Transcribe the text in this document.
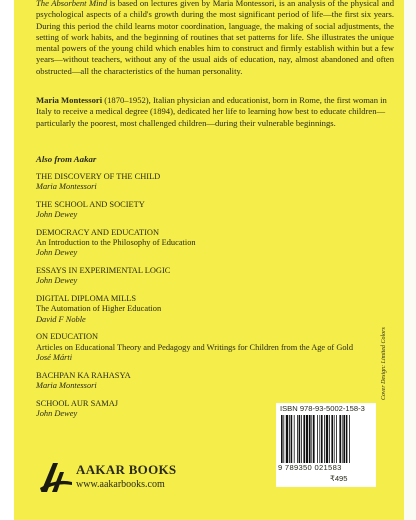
The Absorbent Mind is based on lectures given by Maria Montessori, is an analysis of the physical and psychological aspects of a child's growth during the most significant period of life—the first six years. During this period the child learns motor coordination, language, the making of social adjustments, the setting of work habits, and the beginning of routines that set patterns for life. She illustrates the unique mental powers of the young child which enables him to construct and firmly establish within but a few years—without teachers, without any of the usual aids of education, nay, almost abandoned and often obstructed—all the characteristics of the human personality.

Maria Montessori (1870–1952), Italian physician and educationist, born in Rome, the first woman in Italy to receive a medical degree (1894), dedicated her life to learning how best to educate children—particularly the poorest, most challenged children—during their vulnerable beginnings.

Also from Aakar
THE DISCOVERY OF THE CHILD
Maria Montessori
THE SCHOOL AND SOCIETY
John Dewey
DEMOCRACY AND EDUCATION
An Introduction to the Philosophy of Education
John Dewey
ESSAYS IN EXPERIMENTAL LOGIC
John Dewey
DIGITAL DIPLOMA MILLS
The Automation of Higher Education
David F Noble
ON EDUCATION
Articles on Educational Theory and Pedagogy and Writings for Children from the Age of Gold
José Márti
BACHPAN KA RAHASYA
Maria Montessori
SCHOOL AUR SAMAJ
John Dewey
Cover Design: Limited Colors
ISBN 978-93-5002-158-3
9 789350 021583
₹495
AAKAR BOOKS
www.aakarbooks.com
